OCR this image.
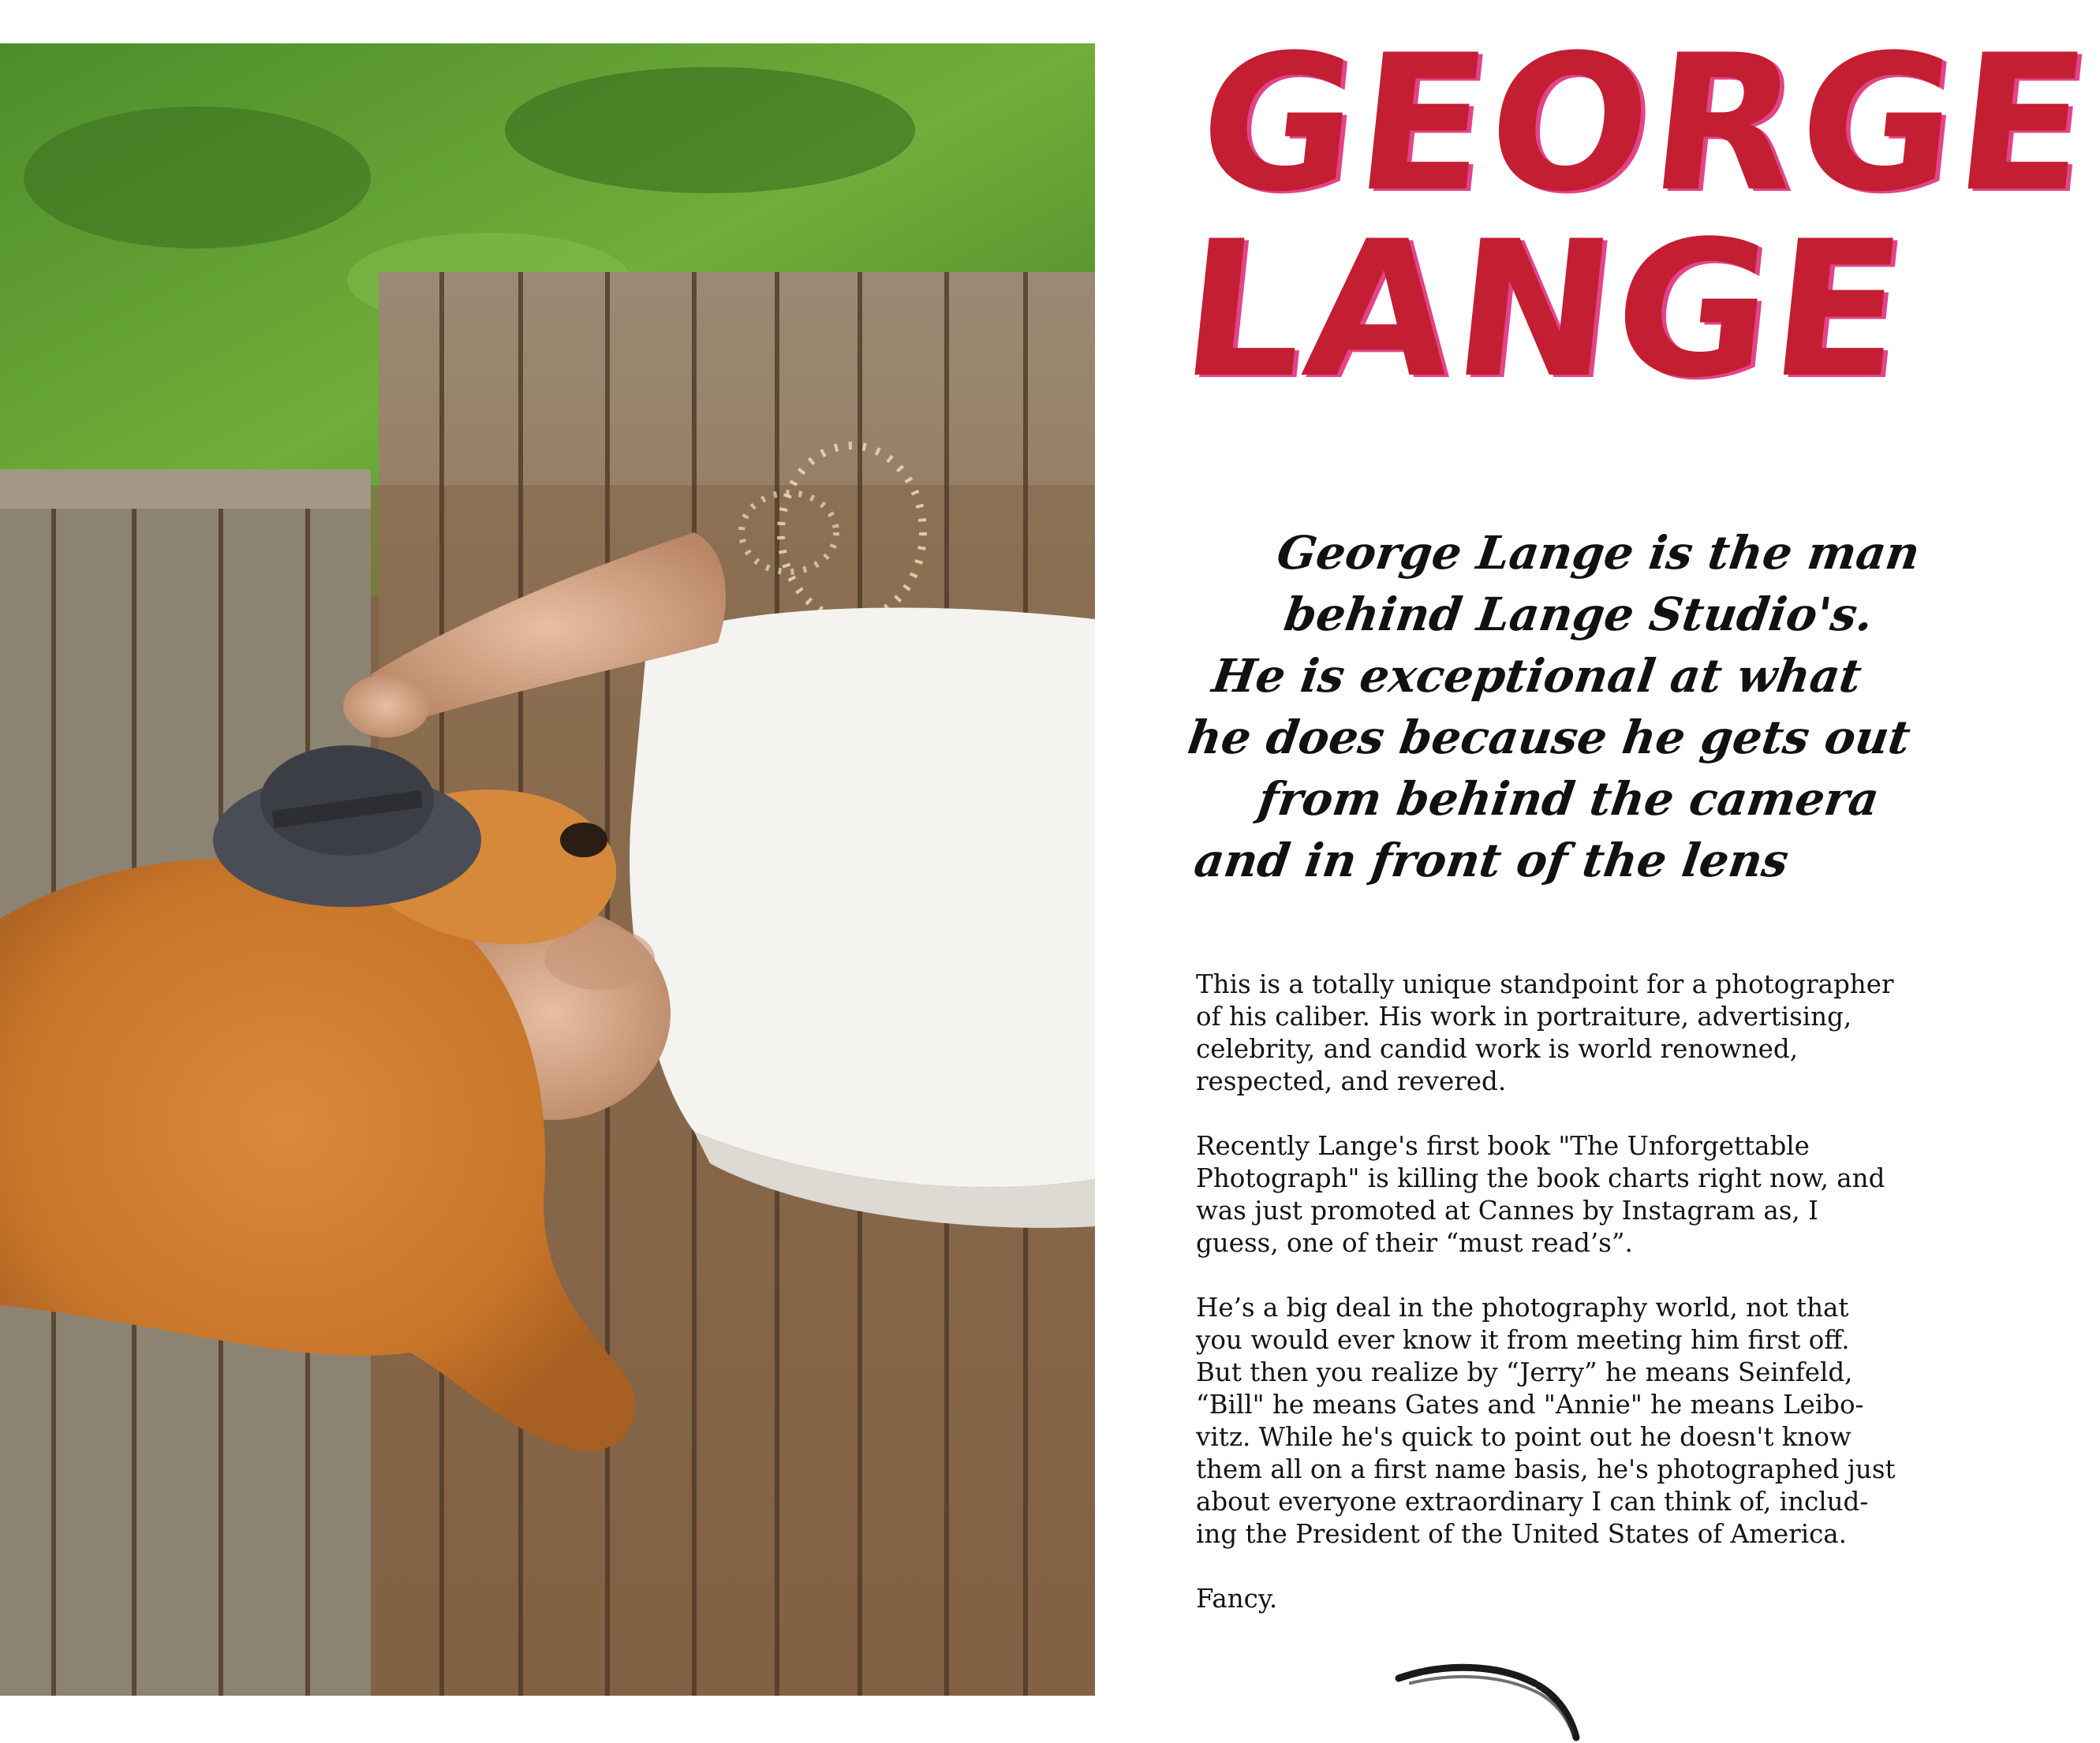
GEORGE
LANGE
George Lange is the man
behind Lange Studio's.
He is exceptional at what
he does because he gets out
from behind the camera
and in front of the lens

This is a totally unique standpoint for a photographer
of his caliber. His work in portraiture, advertising,
celebrity, and candid work is world renowned,
respected, and revered.

Recently Lange's first book "The Unforgettable
Photograph" is killing the book charts right now, and
was just promoted at Cannes by Instagram as, I
guess, one of their “must read’s”.

He’s a big deal in the photography world, not that
you would ever know it from meeting him first off.
But then you realize by “Jerry” he means Seinfeld,
“Bill" he means Gates and "Annie" he means Leibo-
vitz. While he's quick to point out he doesn't know
them all on a first name basis, he's photographed just
about everyone extraordinary I can think of, includ-
ing the President of the United States of America.

Fancy.
